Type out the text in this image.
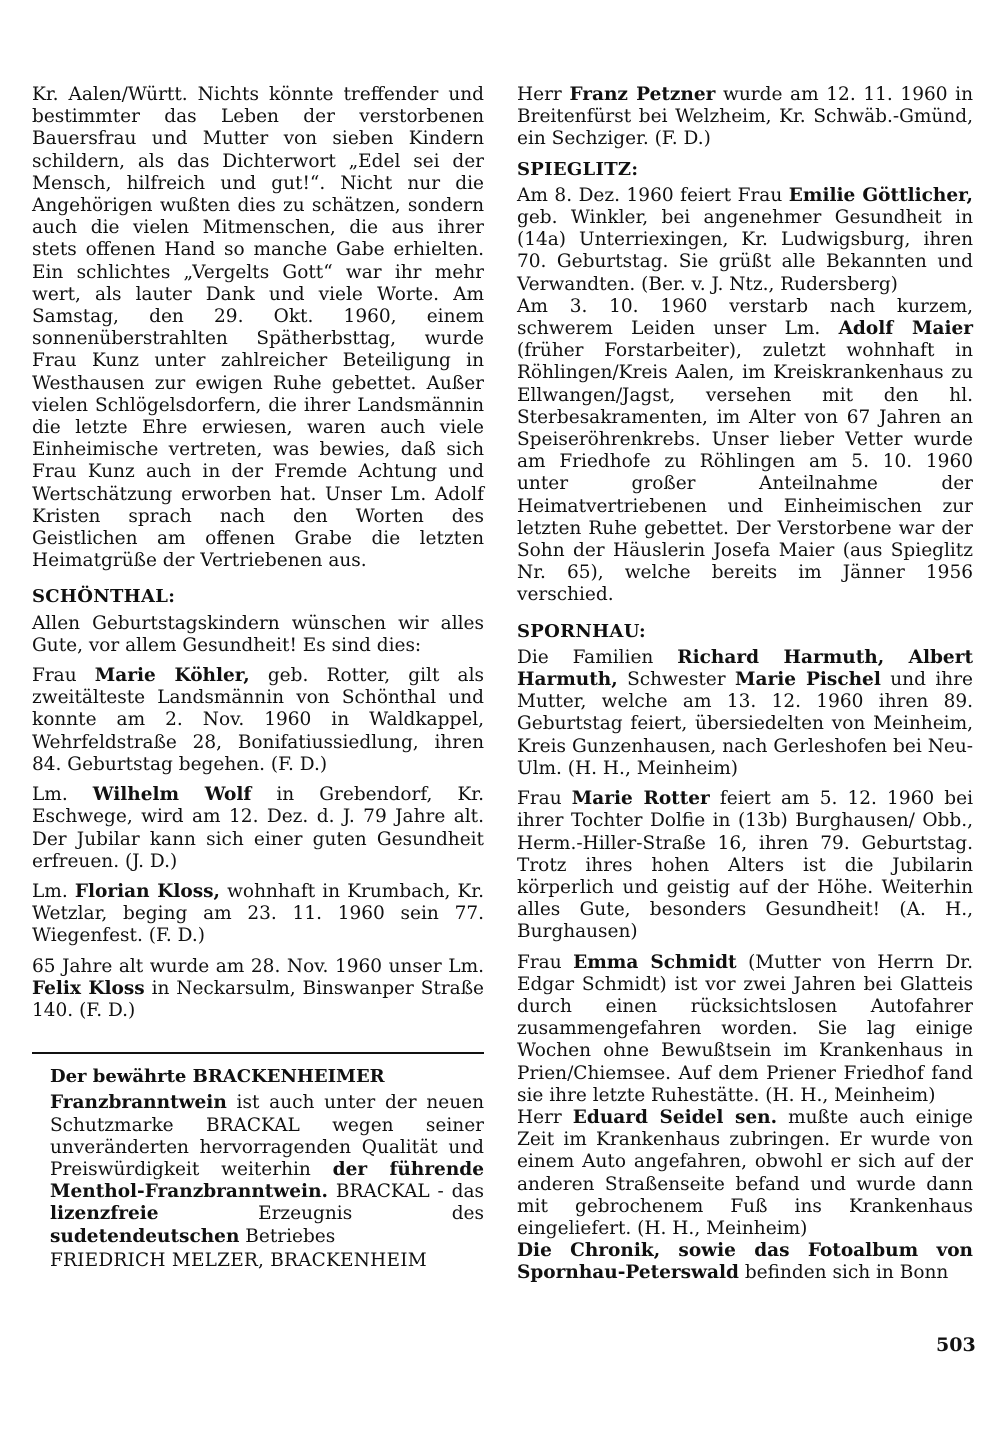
Kr. Aalen/Württ. Nichts könnte treffender und bestimmter das Leben der verstorbenen Bauersfrau und Mutter von sieben Kindern schildern, als das Dichterwort „Edel sei der Mensch, hilfreich und gut!“. Nicht nur die Angehörigen wußten dies zu schätzen, sondern auch die vielen Mitmenschen, die aus ihrer stets offenen Hand so manche Gabe erhielten. Ein schlichtes „Vergelts Gott“ war ihr mehr wert, als lauter Dank und viele Worte. Am Samstag, den 29. Okt. 1960, einem sonnenüberstrahlten Spätherbsttag, wurde Frau Kunz unter zahlreicher Beteiligung in Westhausen zur ewigen Ruhe gebettet. Außer vielen Schlögelsdorfern, die ihrer Landsmännin die letzte Ehre erwiesen, waren auch viele Einheimische vertreten, was bewies, daß sich Frau Kunz auch in der Fremde Achtung und Wertschätzung erworben hat. Unser Lm. Adolf Kristen sprach nach den Worten des Geistlichen am offenen Grabe die letzten Heimatgrüße der Vertriebenen aus.

SCHÖNTHAL:

Allen Geburtstagskindern wünschen wir alles Gute, vor allem Gesundheit! Es sind dies:

Frau Marie Köhler, geb. Rotter, gilt als zweitälteste Landsmännin von Schönthal und konnte am 2. Nov. 1960 in Waldkappel, Wehrfeldstraße 28, Bonifatiussiedlung, ihren 84. Geburtstag begehen. (F. D.)

Lm. Wilhelm Wolf in Grebendorf, Kr. Eschwege, wird am 12. Dez. d. J. 79 Jahre alt. Der Jubilar kann sich einer guten Gesundheit erfreuen. (J. D.)

Lm. Florian Kloss, wohnhaft in Krumbach, Kr. Wetzlar, beging am 23. 11. 1960 sein 77. Wiegenfest. (F. D.)

65 Jahre alt wurde am 28. Nov. 1960 unser Lm. Felix Kloss in Neckarsulm, Binswanper Straße 140. (F. D.)

Der bewährte BRACKENHEIMER

Franzbranntwein ist auch unter der neuen Schutzmarke BRACKAL wegen seiner unveränderten hervorragenden Qualität und Preiswürdigkeit weiterhin der führende Menthol-Franzbranntwein. BRACKAL - das lizenzfreie Erzeugnis des sudetendeutschen Betriebes

FRIEDRICH MELZER, BRACKENHEIM

Herr Franz Petzner wurde am 12. 11. 1960 in Breitenfürst bei Welzheim, Kr. Schwäb.-Gmünd, ein Sechziger. (F. D.)

SPIEGLITZ:

Am 8. Dez. 1960 feiert Frau Emilie Göttlicher, geb. Winkler, bei angenehmer Gesundheit in (14a) Unterriexingen, Kr. Ludwigsburg, ihren 70. Geburtstag. Sie grüßt alle Bekannten und Verwandten. (Ber. v. J. Ntz., Rudersberg)

Am 3. 10. 1960 verstarb nach kurzem, schwerem Leiden unser Lm. Adolf Maier (früher Forstarbeiter), zuletzt wohnhaft in Röhlingen/Kreis Aalen, im Kreiskrankenhaus zu Ellwangen/Jagst, versehen mit den hl. Sterbesakramenten, im Alter von 67 Jahren an Speiseröhrenkrebs. Unser lieber Vetter wurde am Friedhofe zu Röhlingen am 5. 10. 1960 unter großer Anteilnahme der Heimatvertriebenen und Einheimischen zur letzten Ruhe gebettet. Der Verstorbene war der Sohn der Häuslerin Josefa Maier (aus Spieglitz Nr. 65), welche bereits im Jänner 1956 verschied.

SPORNHAU:

Die Familien Richard Harmuth, Albert Harmuth, Schwester Marie Pischel und ihre Mutter, welche am 13. 12. 1960 ihren 89. Geburtstag feiert, übersiedelten von Meinheim, Kreis Gunzenhausen, nach Gerleshofen bei Neu-Ulm. (H. H., Meinheim)

Frau Marie Rotter feiert am 5. 12. 1960 bei ihrer Tochter Dolfie in (13b) Burghausen/ Obb., Herm.-Hiller-Straße 16, ihren 79. Geburtstag. Trotz ihres hohen Alters ist die Jubilarin körperlich und geistig auf der Höhe. Weiterhin alles Gute, besonders Gesundheit! (A. H., Burghausen)

Frau Emma Schmidt (Mutter von Herrn Dr. Edgar Schmidt) ist vor zwei Jahren bei Glatteis durch einen rücksichtslosen Autofahrer zusammengefahren worden. Sie lag einige Wochen ohne Bewußtsein im Krankenhaus in Prien/Chiemsee. Auf dem Priener Friedhof fand sie ihre letzte Ruhestätte. (H. H., Meinheim)

Herr Eduard Seidel sen. mußte auch einige Zeit im Krankenhaus zubringen. Er wurde von einem Auto angefahren, obwohl er sich auf der anderen Straßenseite befand und wurde dann mit gebrochenem Fuß ins Krankenhaus eingeliefert. (H. H., Meinheim)

Die Chronik, sowie das Fotoalbum von Spornhau-Peterswald befinden sich in Bonn

503
